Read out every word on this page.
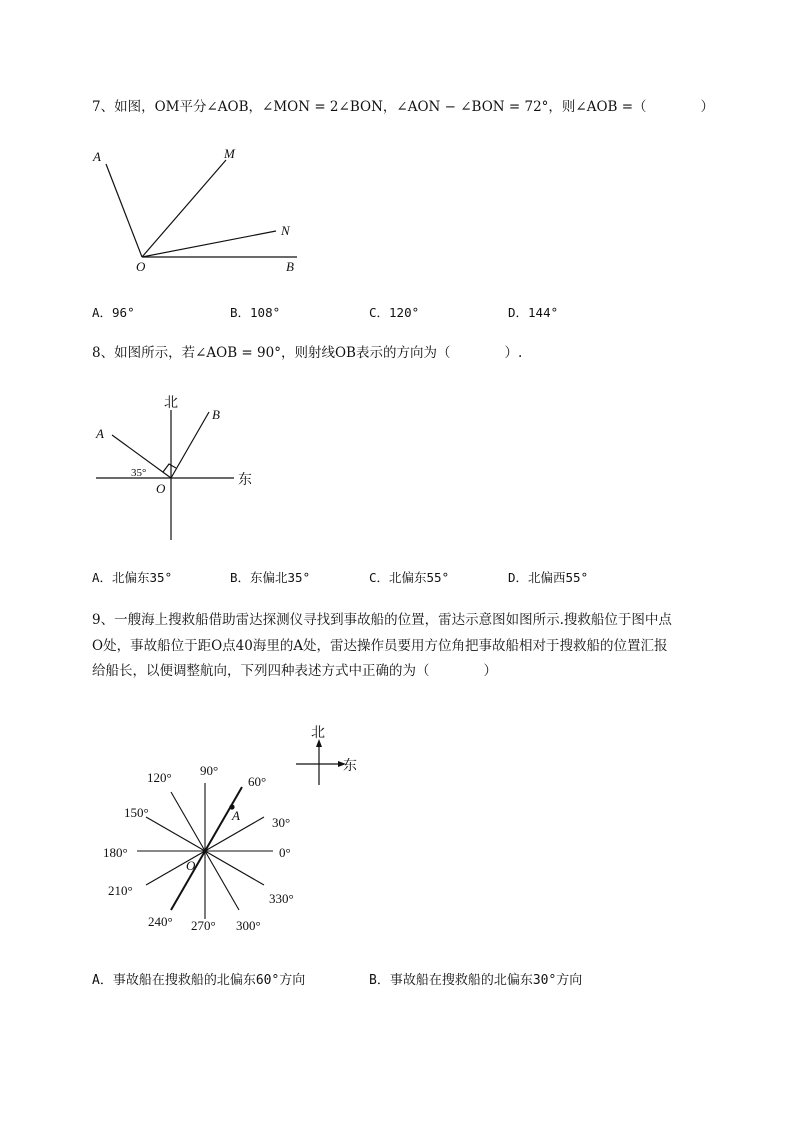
7、如图，OM平分∠AOB，∠MON = 2∠BON，∠AON − ∠BON = 72°，则∠AOB =（　　　　）
A	M
N
O	B
A．96°	B．108°	C．120°	D．144°
8、如图所示，若∠AOB = 90°，则射线OB表示的方向为（　　　　）.
北
东
A
B
O
35°
A．北偏东35°	B．东偏北35°	C．北偏东55°	D．北偏西55°
9、一艘海上搜救船借助雷达探测仪寻找到事故船的位置，雷达示意图如图所示.搜救船位于图中点
O处，事故船位于距O点40海里的A处，雷达操作员要用方位角把事故船相对于搜救船的位置汇报
给船长，以便调整航向，下列四种表述方式中正确的为（　　　　）
北
东
90°
120°	60°
150°
30°
180°	0°
210°
330°
240° 270° 300°
A
O
A．事故船在搜救船的北偏东60°方向	B．事故船在搜救船的北偏东30°方向
